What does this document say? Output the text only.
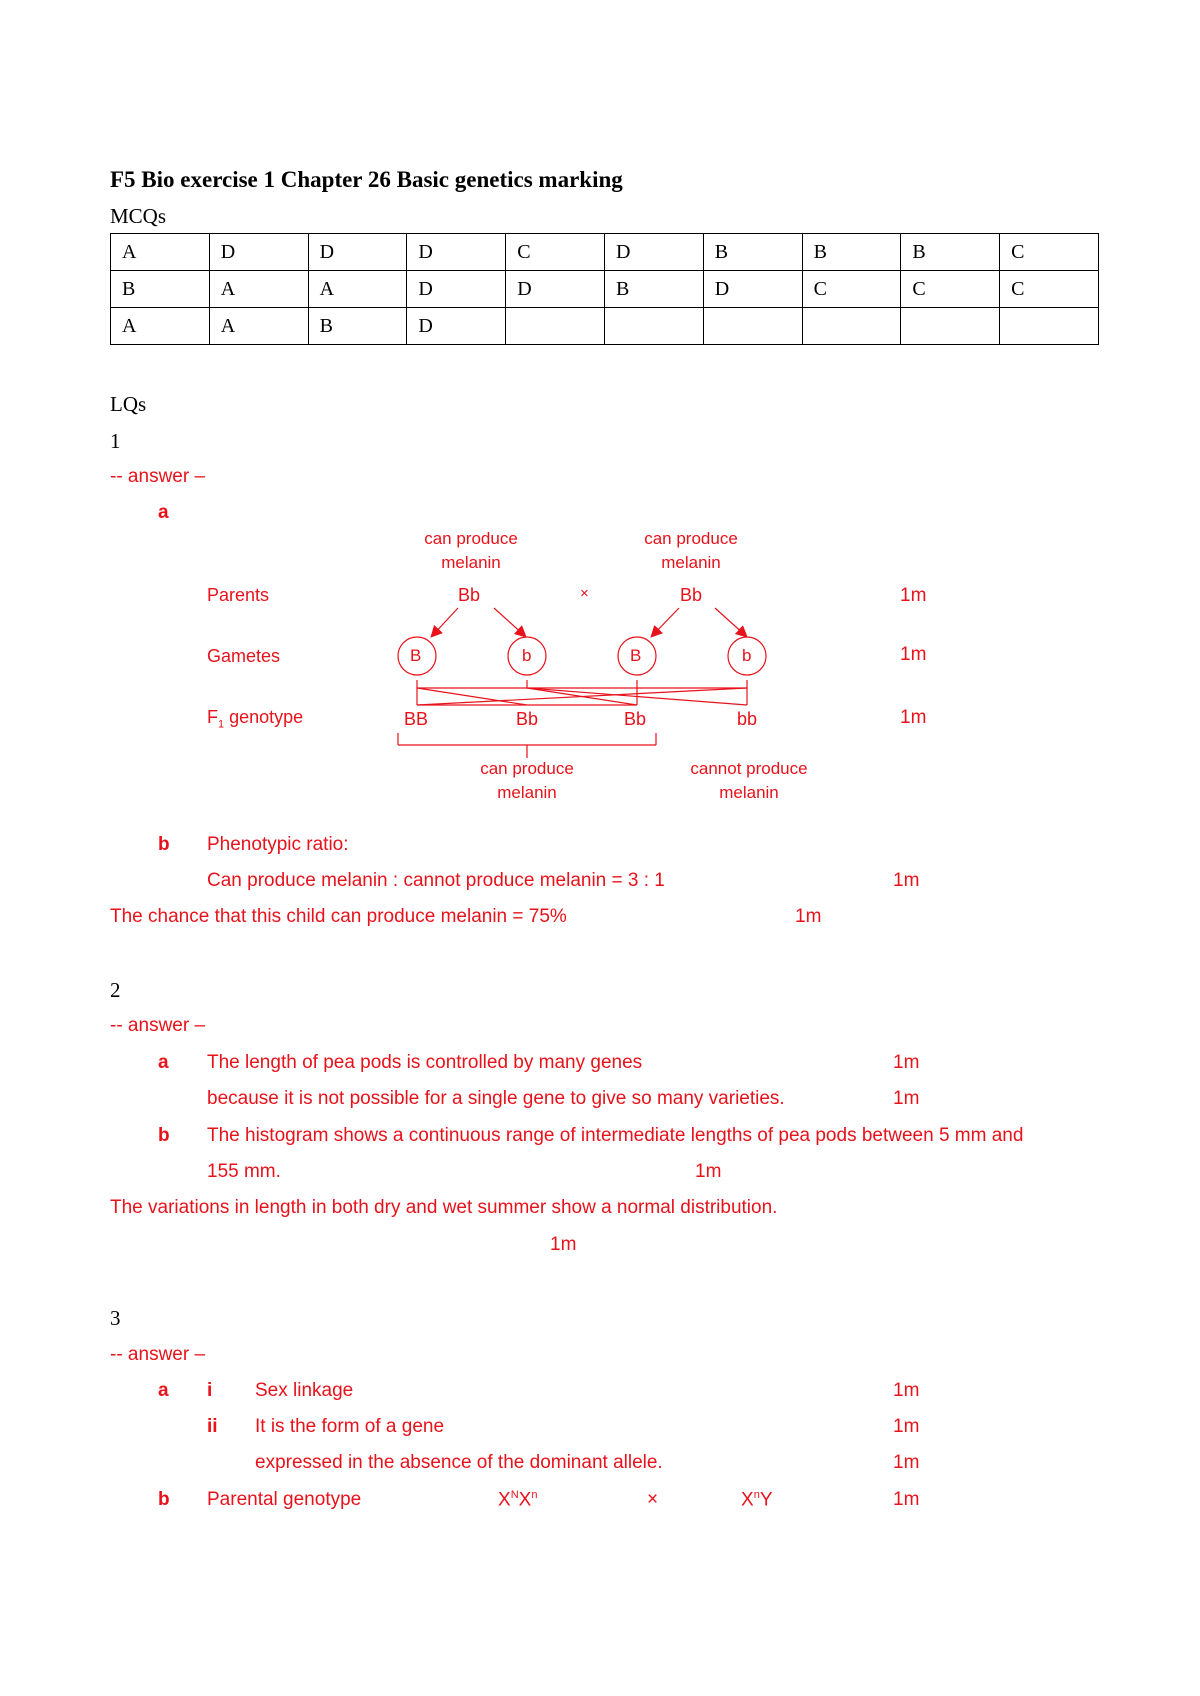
F5 Bio exercise 1 Chapter 26 Basic genetics marking
MCQs
A	D	D	D	C	D	B	B	B	C
B	A	A	D	D	B	D	C	C	C
A	A	B	D						
LQs
1
-- answer –
a
can produce melanin
can produce melanin
Parents
Gametes
$F_1$ genotype
Bb	×	Bb
B	b	B	b
BB	Bb	Bb	bb
can produce melanin
cannot produce melanin
1m
1m
1m
b Phenotypic ratio:
Can produce melanin : cannot produce melanin = 3 : 1	1m
The chance that this child can produce melanin = 75%	1m
2
-- answer –
a The length of pea pods is controlled by many genes	1m
because it is not possible for a single gene to give so many varieties.	1m
b The histogram shows a continuous range of intermediate lengths of pea pods between 5 mm and
155 mm.	1m
The variations in length in both dry and wet summer show a normal distribution.
1m
3
-- answer –
a i Sex linkage	1m
ii It is the form of a gene	1m
expressed in the absence of the dominant allele.	1m
b Parental genotype	$X^NX^n$	×	$X^nY$	1m
